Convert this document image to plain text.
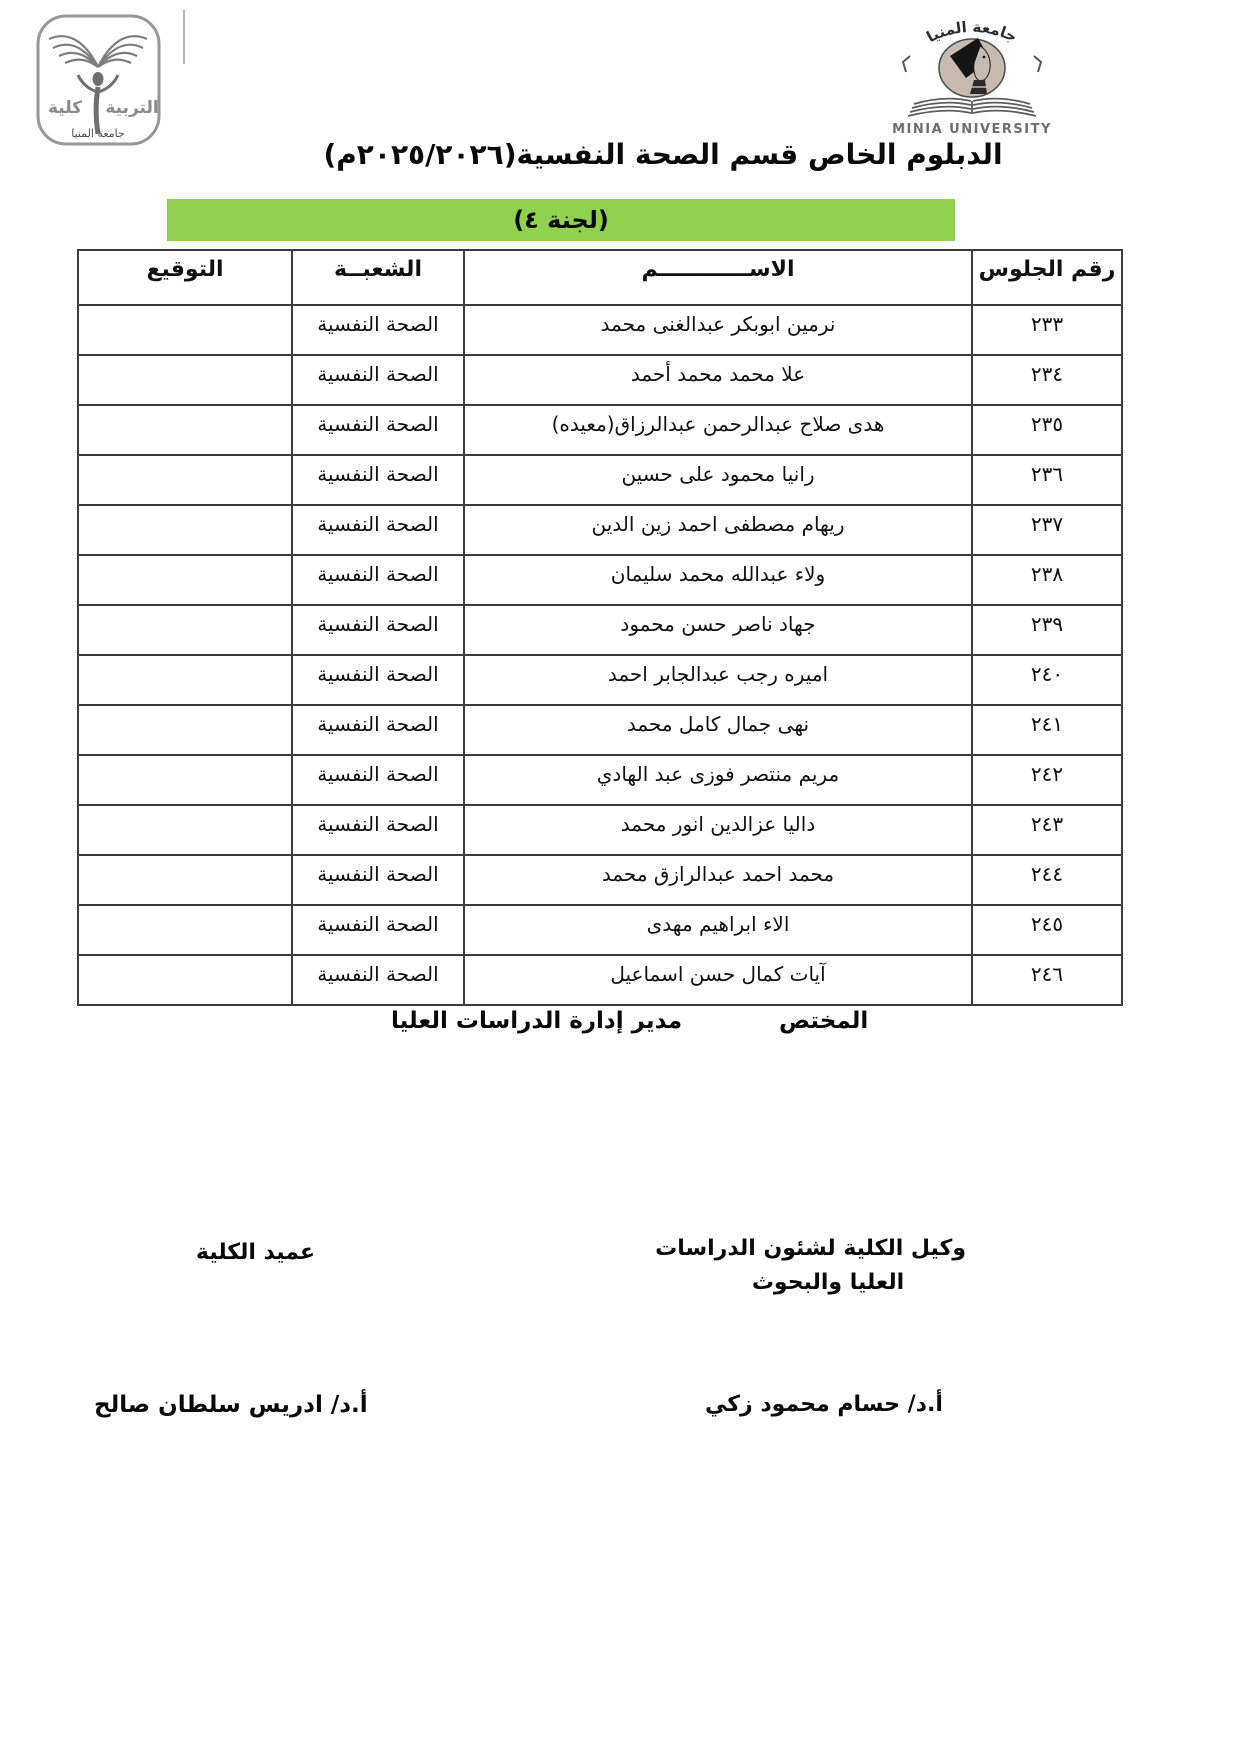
كلية التربية
جامعة المنيا
جامعة المنيا
MINIA UNIVERSITY
الدبلوم الخاص قسم الصحة النفسية(٢٠٢٥/٢٠٢٦م)
(لجنة ٤)
رقم الجلوس	الاســــــــــــم	الشعبــة	التوقيع
٢٣٣	نرمين ابوبكر عبدالغنى محمد	الصحة النفسية	
٢٣٤	علا محمد محمد أحمد	الصحة النفسية	
٢٣٥	هدى صلاح عبدالرحمن عبدالرزاق(معيده)	الصحة النفسية	
٢٣٦	رانيا محمود على حسين	الصحة النفسية	
٢٣٧	ريهام مصطفى احمد زين الدين	الصحة النفسية	
٢٣٨	ولاء عبدالله محمد سليمان	الصحة النفسية	
٢٣٩	جهاد ناصر حسن محمود	الصحة النفسية	
٢٤٠	اميره رجب عبدالجابر احمد	الصحة النفسية	
٢٤١	نهى جمال كامل محمد	الصحة النفسية	
٢٤٢	مريم منتصر فوزى عبد الهادي	الصحة النفسية	
٢٤٣	داليا عزالدين انور محمد	الصحة النفسية	
٢٤٤	محمد احمد عبدالرازق محمد	الصحة النفسية	
٢٤٥	الاء ابراهيم مهدى	الصحة النفسية	
٢٤٦	آيات كمال حسن اسماعيل	الصحة النفسية	
المختص
مدير إدارة الدراسات العليا
وكيل الكلية لشئون الدراسات
العليا والبحوث
عميد الكلية
أ.د/ حسام محمود زكي
أ.د/ ادريس سلطان صالح
